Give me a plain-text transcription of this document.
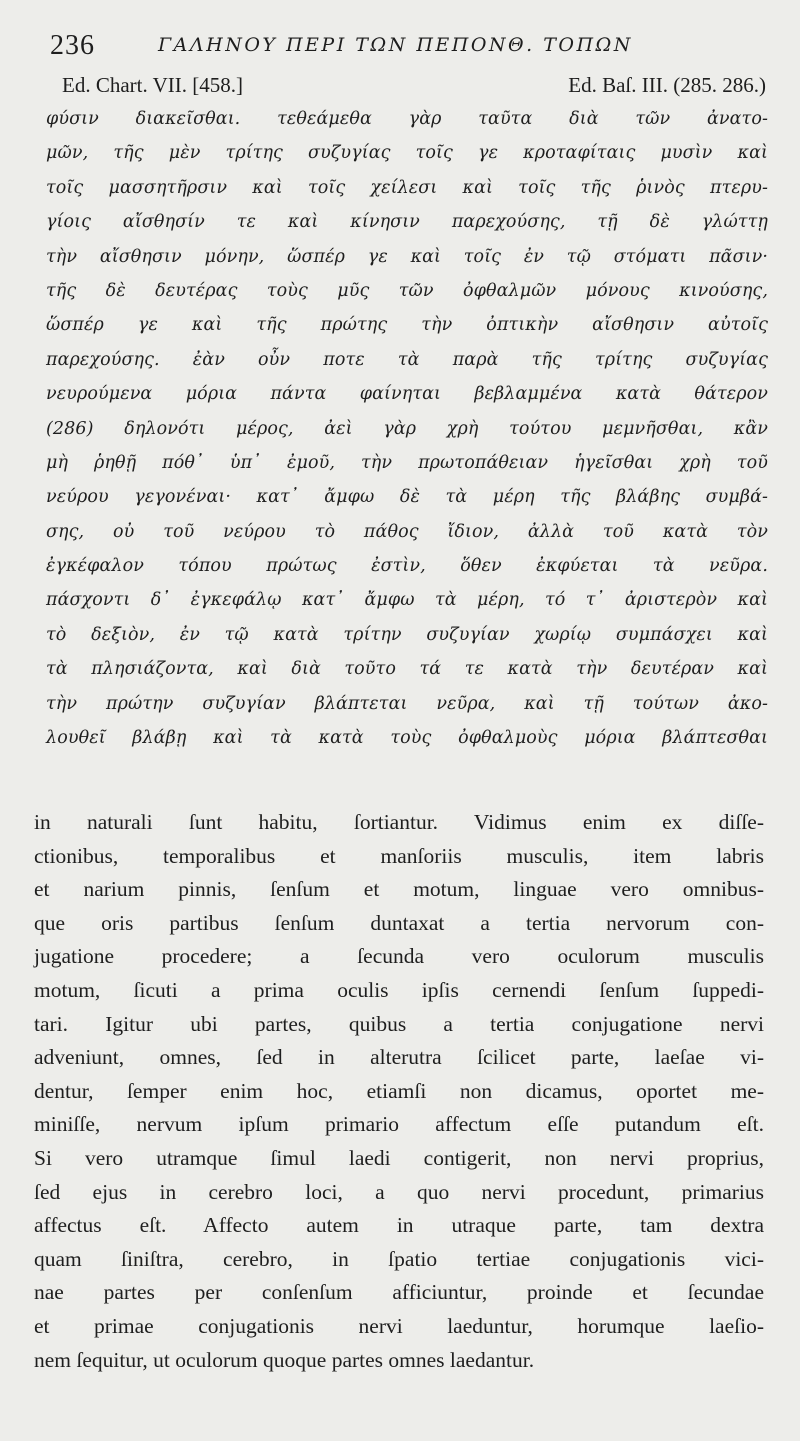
236	ΓΑΛΗΝΟΥ ΠΕΡΙ ΤΩΝ ΠΕΠΟΝΘ. ΤΟΠΩΝ
Ed. Chart. VII. [458.]	Ed. Baſ. III. (285. 286.)
φύσιν διακεῖσθαι. τεθεάμεθα γὰρ ταῦτα διὰ τῶν ἀνατο-
μῶν, τῆς μὲν τρίτης συζυγίας τοῖς γε κροταφίταις μυσὶν καὶ
τοῖς μασσητῆρσιν καὶ τοῖς χείλεσι καὶ τοῖς τῆς ῥινὸς πτερυ-
γίοις αἴσθησίν τε καὶ κίνησιν παρεχούσης, τῇ δὲ γλώττῃ
τὴν αἴσθησιν μόνην, ὥσπέρ γε καὶ τοῖς ἐν τῷ στόματι πᾶσιν·
τῆς δὲ δευτέρας τοὺς μῦς τῶν ὀφθαλμῶν μόνους κινούσης,
ὥσπέρ γε καὶ τῆς πρώτης τὴν ὀπτικὴν αἴσθησιν αὐτοῖς
παρεχούσης. ἐὰν οὖν ποτε τὰ παρὰ τῆς τρίτης συζυγίας
νευρούμενα μόρια πάντα φαίνηται βεβλαμμένα κατὰ θάτερον
(286) δηλονότι μέρος, ἀεὶ γὰρ χρὴ τούτου μεμνῆσθαι, κἂν
μὴ ῥηθῇ πόθ᾽ ὑπ᾽ ἐμοῦ, τὴν πρωτοπάθειαν ἡγεῖσθαι χρὴ τοῦ
νεύρου γεγονέναι· κατ᾽ ἄμφω δὲ τὰ μέρη τῆς βλάβης συμβά-
σης, οὐ τοῦ νεύρου τὸ πάθος ἴδιον, ἀλλὰ τοῦ κατὰ τὸν
ἐγκέφαλον τόπου πρώτως ἐστὶν, ὅθεν ἐκφύεται τὰ νεῦρα.
πάσχοντι δ᾽ ἐγκεφάλῳ κατ᾽ ἄμφω τὰ μέρη, τό τ᾽ ἀριστερὸν καὶ
τὸ δεξιὸν, ἐν τῷ κατὰ τρίτην συζυγίαν χωρίῳ συμπάσχει καὶ
τὰ πλησιάζοντα, καὶ διὰ τοῦτο τά τε κατὰ τὴν δευτέραν καὶ
τὴν πρώτην συζυγίαν βλάπτεται νεῦρα, καὶ τῇ τούτων ἀκο-
λουθεῖ βλάβῃ καὶ τὰ κατὰ τοὺς ὀφθαλμοὺς μόρια βλάπτεσθαι
in naturali ſunt habitu, ſortiantur. Vidimus enim ex diſſe-
ctionibus, temporalibus et manſoriis musculis, item labris
et narium pinnis, ſenſum et motum, linguae vero omnibus-
que oris partibus ſenſum duntaxat a tertia nervorum con-
jugatione procedere; a ſecunda vero oculorum musculis
motum, ſicuti a prima oculis ipſis cernendi ſenſum ſuppedi-
tari. Igitur ubi partes, quibus a tertia conjugatione nervi
adveniunt, omnes, ſed in alterutra ſcilicet parte, laeſae vi-
dentur, ſemper enim hoc, etiamſi non dicamus, oportet me-
miniſſe, nervum ipſum primario affectum eſſe putandum eſt.
Si vero utramque ſimul laedi contigerit, non nervi proprius,
ſed ejus in cerebro loci, a quo nervi procedunt, primarius
affectus eſt. Affecto autem in utraque parte, tam dextra
quam ſiniſtra, cerebro, in ſpatio tertiae conjugationis vici-
nae partes per conſenſum afficiuntur, proinde et ſecundae
et primae conjugationis nervi laeduntur, horumque laeſio-
nem ſequitur, ut oculorum quoque partes omnes laedantur.
